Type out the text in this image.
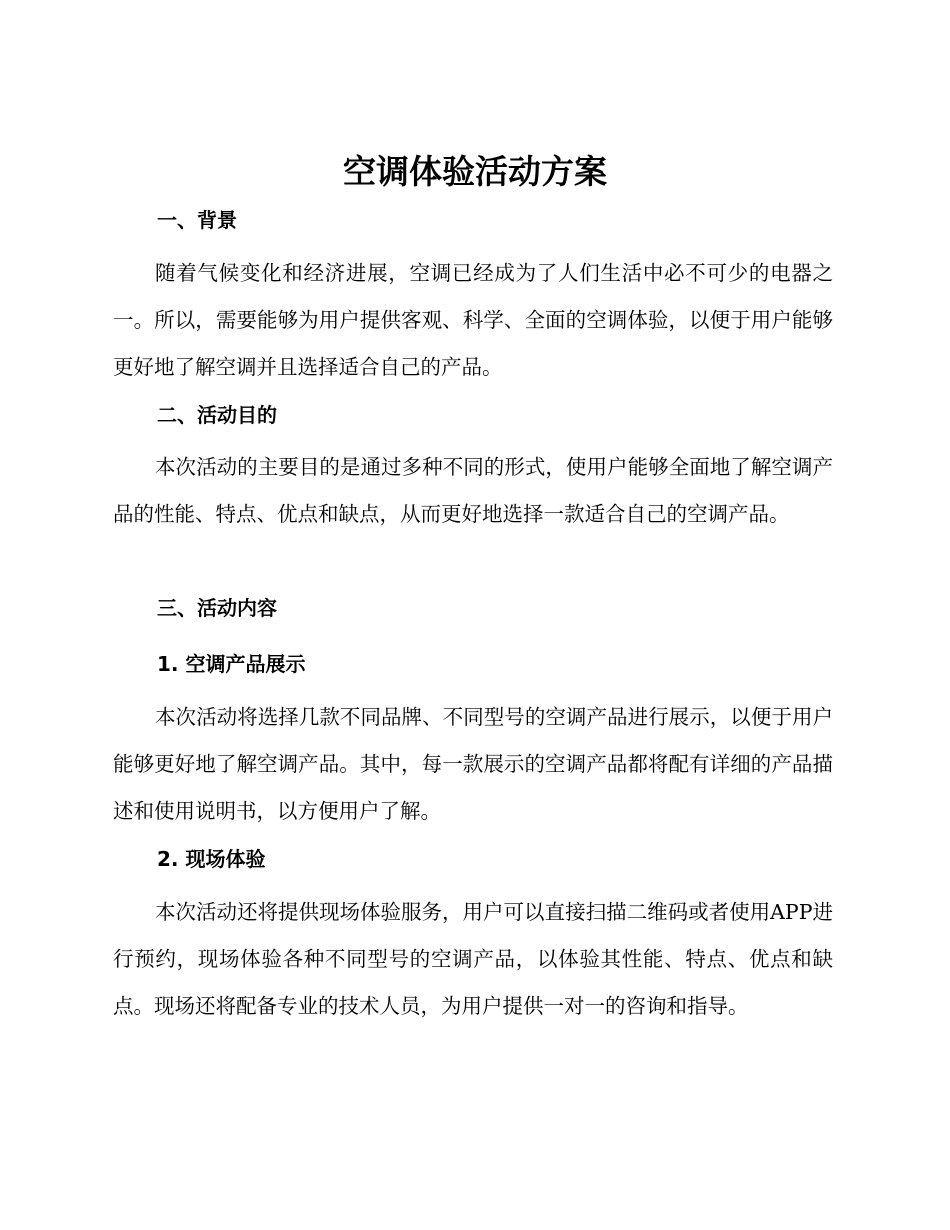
空调体验活动方案
一、背景

随着气候变化和经济进展，空调已经成为了人们生活中必不可少的电器之一。所以，需要能够为用户提供客观、科学、全面的空调体验，以便于用户能够更好地了解空调并且选择适合自己的产品。

二、活动目的

本次活动的主要目的是通过多种不同的形式，使用户能够全面地了解空调产品的性能、特点、优点和缺点，从而更好地选择一款适合自己的空调产品。

三、活动内容
1. 空调产品展示

本次活动将选择几款不同品牌、不同型号的空调产品进行展示，以便于用户能够更好地了解空调产品。其中，每一款展示的空调产品都将配有详细的产品描述和使用说明书，以方便用户了解。

2. 现场体验

本次活动还将提供现场体验服务，用户可以直接扫描二维码或者使用APP进行预约，现场体验各种不同型号的空调产品，以体验其性能、特点、优点和缺点。现场还将配备专业的技术人员，为用户提供一对一的咨询和指导。
